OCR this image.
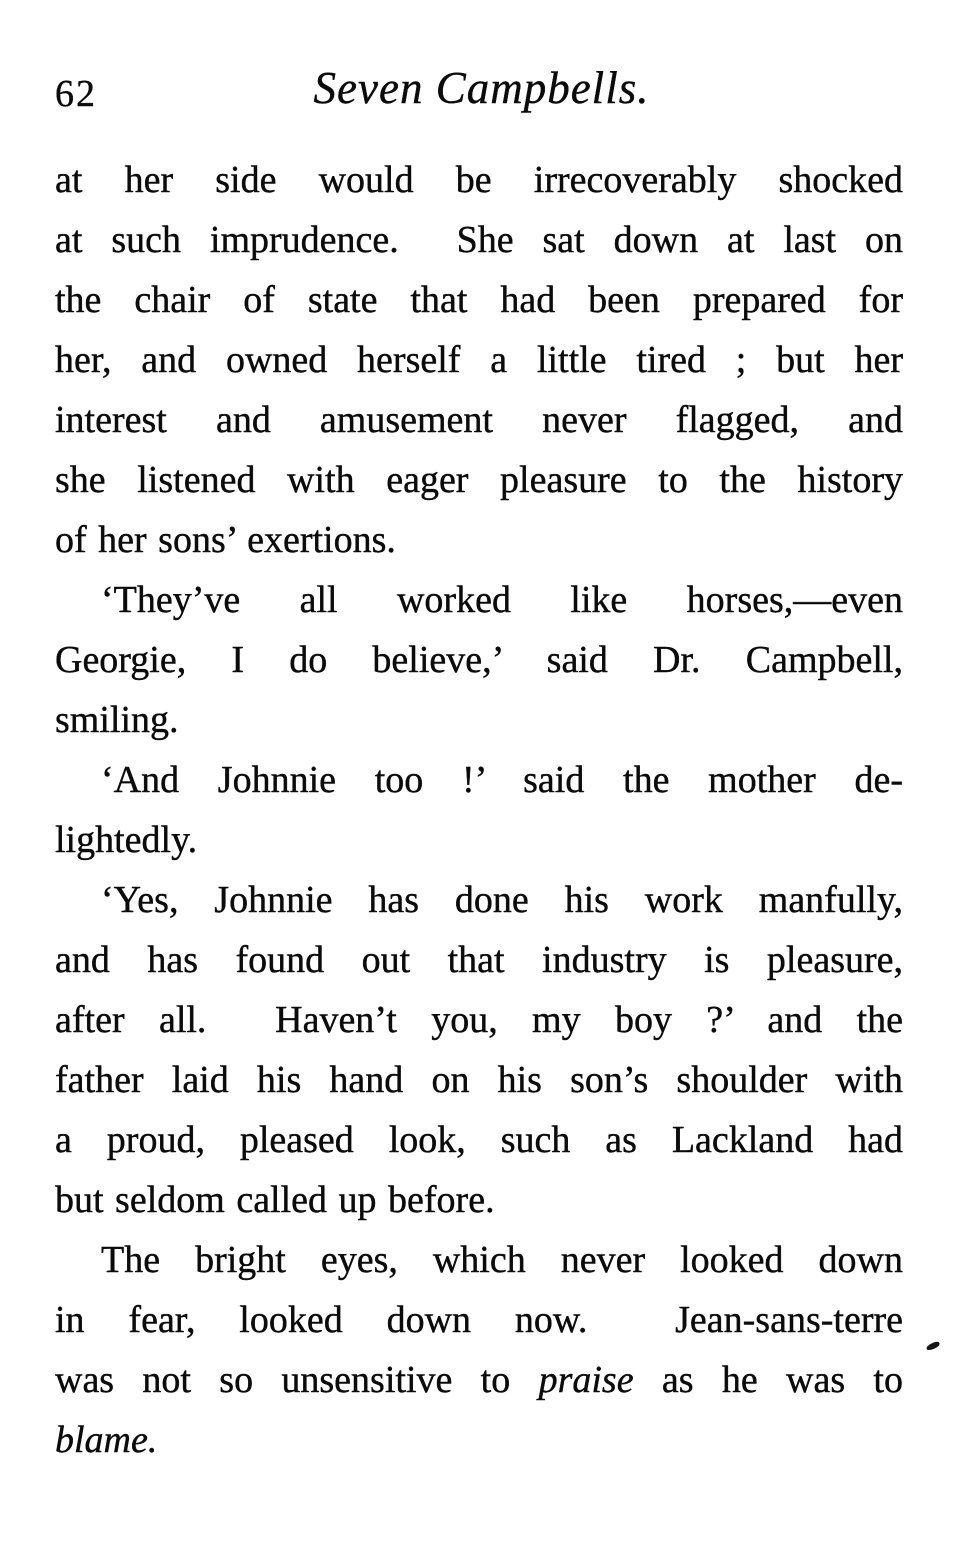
62	Seven Campbells.
at her side would be irrecoverably shocked
at such imprudence.  She sat down at last on
the chair of state that had been prepared for
her, and owned herself a little tired ; but her
interest and amusement never flagged, and
she listened with eager pleasure to the history
of her sons’ exertions.
‘They’ve all worked like horses,—even
Georgie, I do believe,’ said Dr. Campbell,
smiling.
‘And Johnnie too !’ said the mother de-
lightedly.
‘Yes, Johnnie has done his work manfully,
and has found out that industry is pleasure,
after all.  Haven’t you, my boy ?’ and the
father laid his hand on his son’s shoulder with
a proud, pleased look, such as Lackland had
but seldom called up before.
The bright eyes, which never looked down
in fear, looked down now.  Jean-sans-terre
was not so unsensitive to praise as he was to
blame.
